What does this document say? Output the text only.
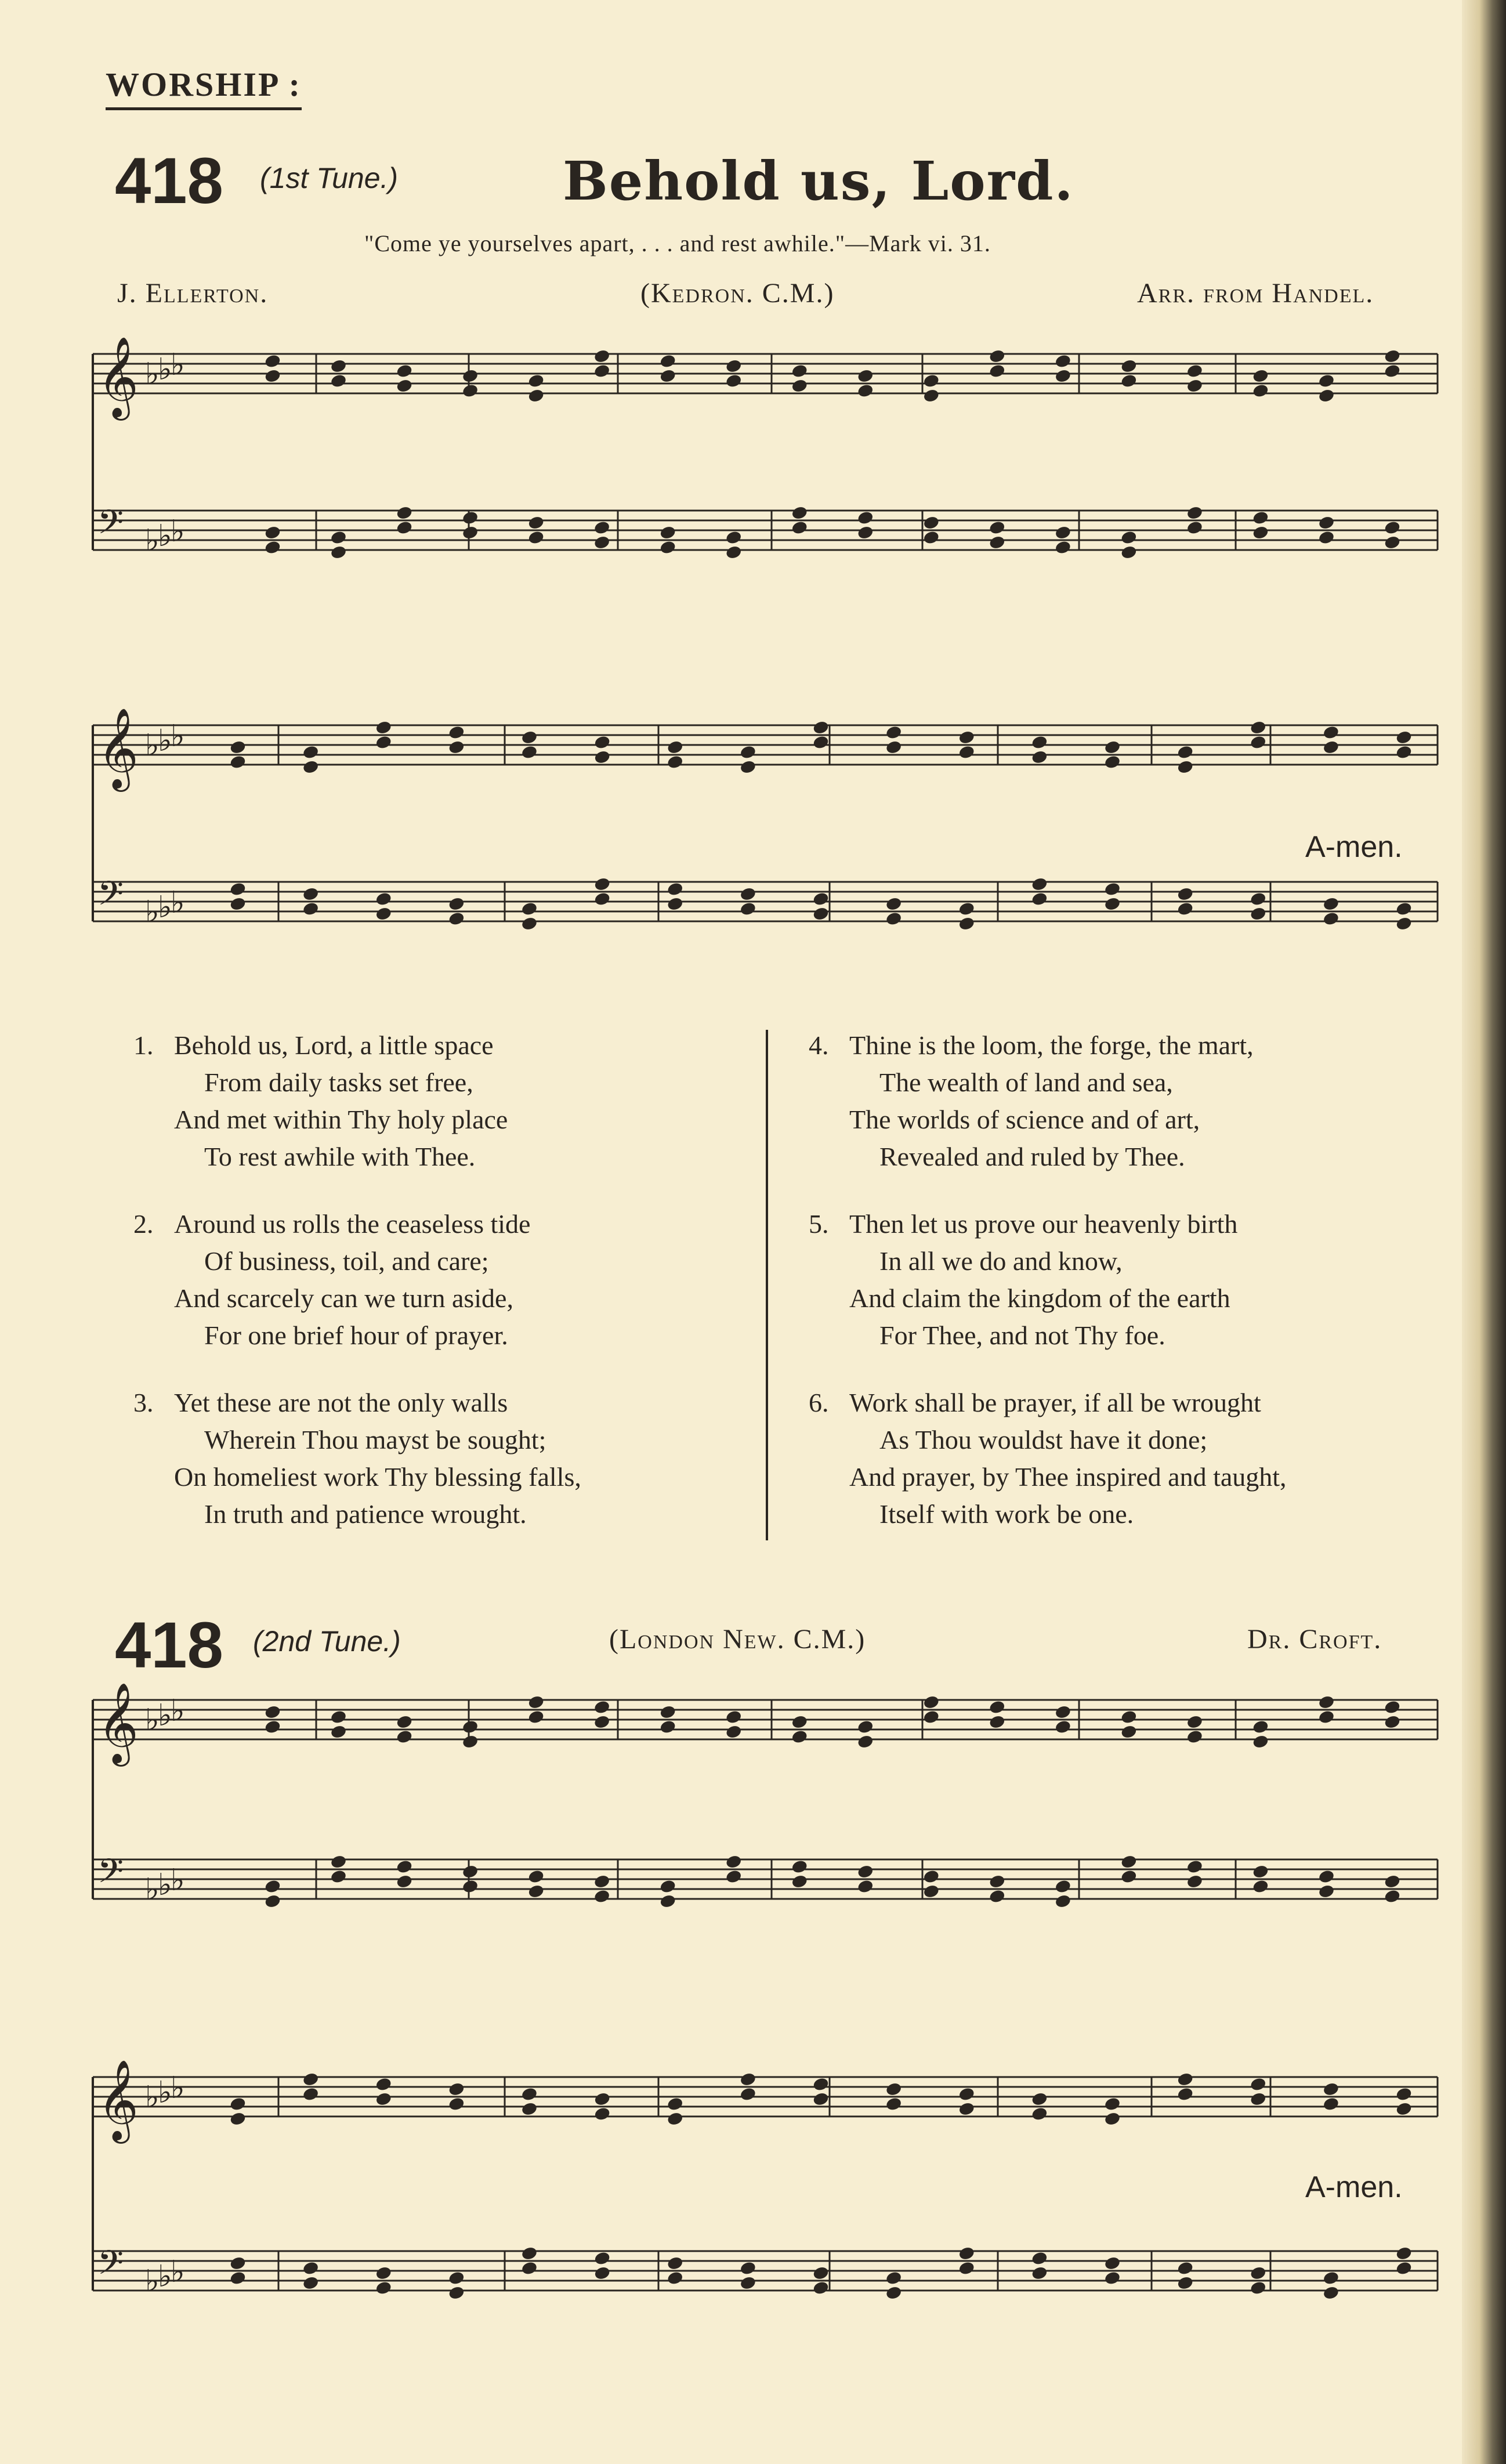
WORSHIP :
418 (1st Tune.)	Behold us, Lord.
"Come ye yourselves apart, . . . and rest awhile."—Mark vi. 31.
J. Ellerton.	(Kedron. C.M.)	Arr. from Handel.
𝄞 ♭
♭
♭
𝄢 ♭
♭
♭
𝄞 ♭
♭
♭
𝄢 ♭
♭
♭
𝄞 ♭
♭
♭
𝄢 ♭
♭
♭
𝄞 ♭
♭
♭
𝄢 ♭
♭
♭
A-men.
1. Behold us, Lord, a little space
From daily tasks set free,
And met within Thy holy place
To rest awhile with Thee.
2. Around us rolls the ceaseless tide
Of business, toil, and care;
And scarcely can we turn aside,
For one brief hour of prayer.
3. Yet these are not the only walls
Wherein Thou mayst be sought;
On homeliest work Thy blessing falls,
In truth and patience wrought.
4. Thine is the loom, the forge, the mart,
The wealth of land and sea,
The worlds of science and of art,
Revealed and ruled by Thee.
5. Then let us prove our heavenly birth
In all we do and know,
And claim the kingdom of the earth
For Thee, and not Thy foe.
6. Work shall be prayer, if all be wrought
As Thou wouldst have it done;
And prayer, by Thee inspired and taught,
Itself with work be one.
418 (2nd Tune.)	(London New. C.M.)	Dr. Croft.
A-men.
